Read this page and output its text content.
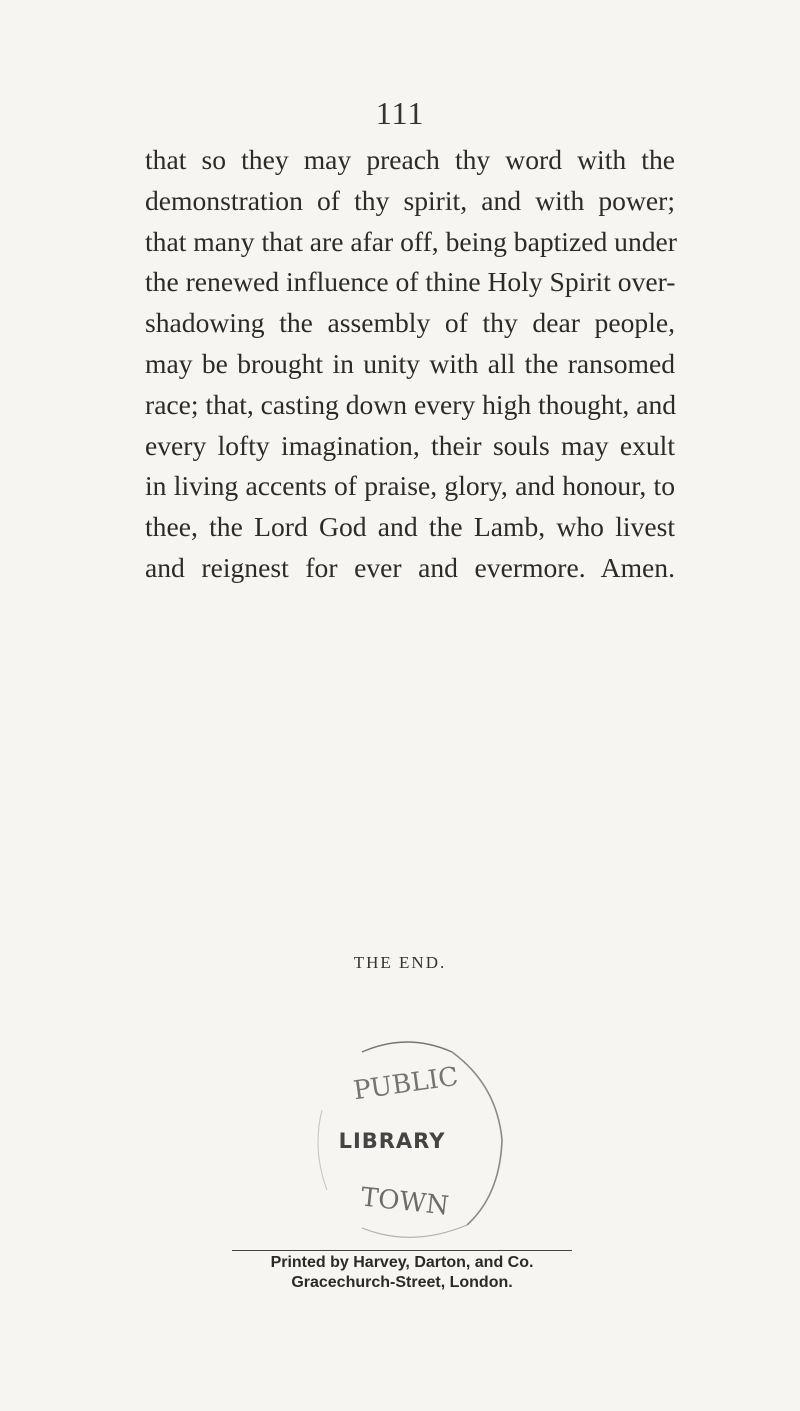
111

that so they may preach thy word with the
demonstration of thy spirit, and with power;
that many that are afar off, being baptized under
the renewed influence of thine Holy Spirit over-
shadowing the assembly of thy dear people,
may be brought in unity with all the ransomed
race; that, casting down every high thought, and
every lofty imagination, their souls may exult
in living accents of praise, glory, and honour, to
thee, the Lord God and the Lamb, who livest
and reignest for ever and evermore. Amen.

THE END.
PUBLIC
LIBRARY
TOWN
Printed by Harvey, Darton, and Co.
Gracechurch-Street, London.
